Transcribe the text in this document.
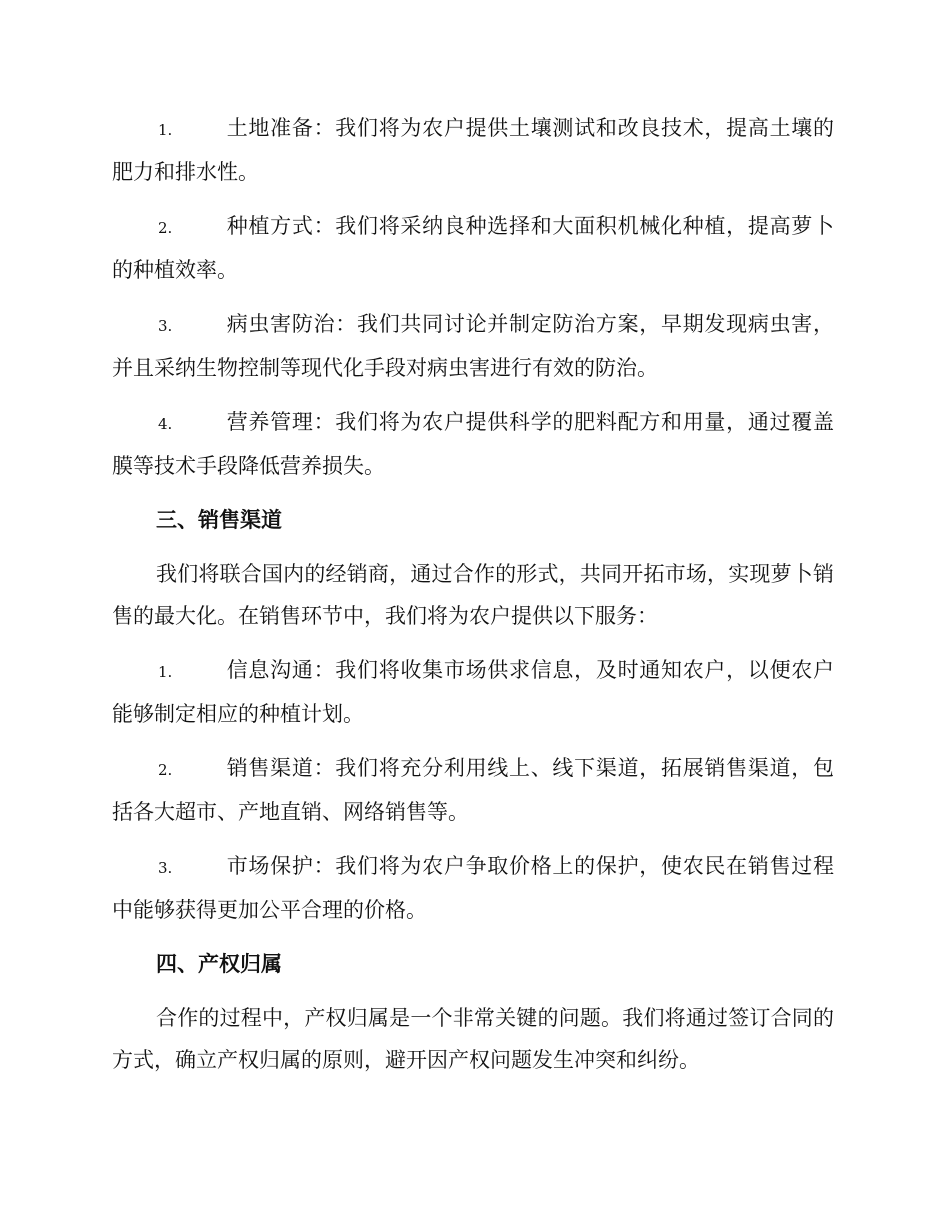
1.	土地准备：我们将为农户提供土壤测试和改良技术，提高土壤的肥力和排水性。

2.	种植方式：我们将采纳良种选择和大面积机械化种植，提高萝卜的种植效率。

3.	病虫害防治：我们共同讨论并制定防治方案，早期发现病虫害，并且采纳生物控制等现代化手段对病虫害进行有效的防治。

4.	营养管理：我们将为农户提供科学的肥料配方和用量，通过覆盖膜等技术手段降低营养损失。

三、销售渠道

我们将联合国内的经销商，通过合作的形式，共同开拓市场，实现萝卜销售的最大化。在销售环节中，我们将为农户提供以下服务：

1.	信息沟通：我们将收集市场供求信息，及时通知农户，以便农户能够制定相应的种植计划。

2.	销售渠道：我们将充分利用线上、线下渠道，拓展销售渠道，包括各大超市、产地直销、网络销售等。

3.	市场保护：我们将为农户争取价格上的保护，使农民在销售过程中能够获得更加公平合理的价格。

四、产权归属

合作的过程中，产权归属是一个非常关键的问题。我们将通过签订合同的方式，确立产权归属的原则，避开因产权问题发生冲突和纠纷。
